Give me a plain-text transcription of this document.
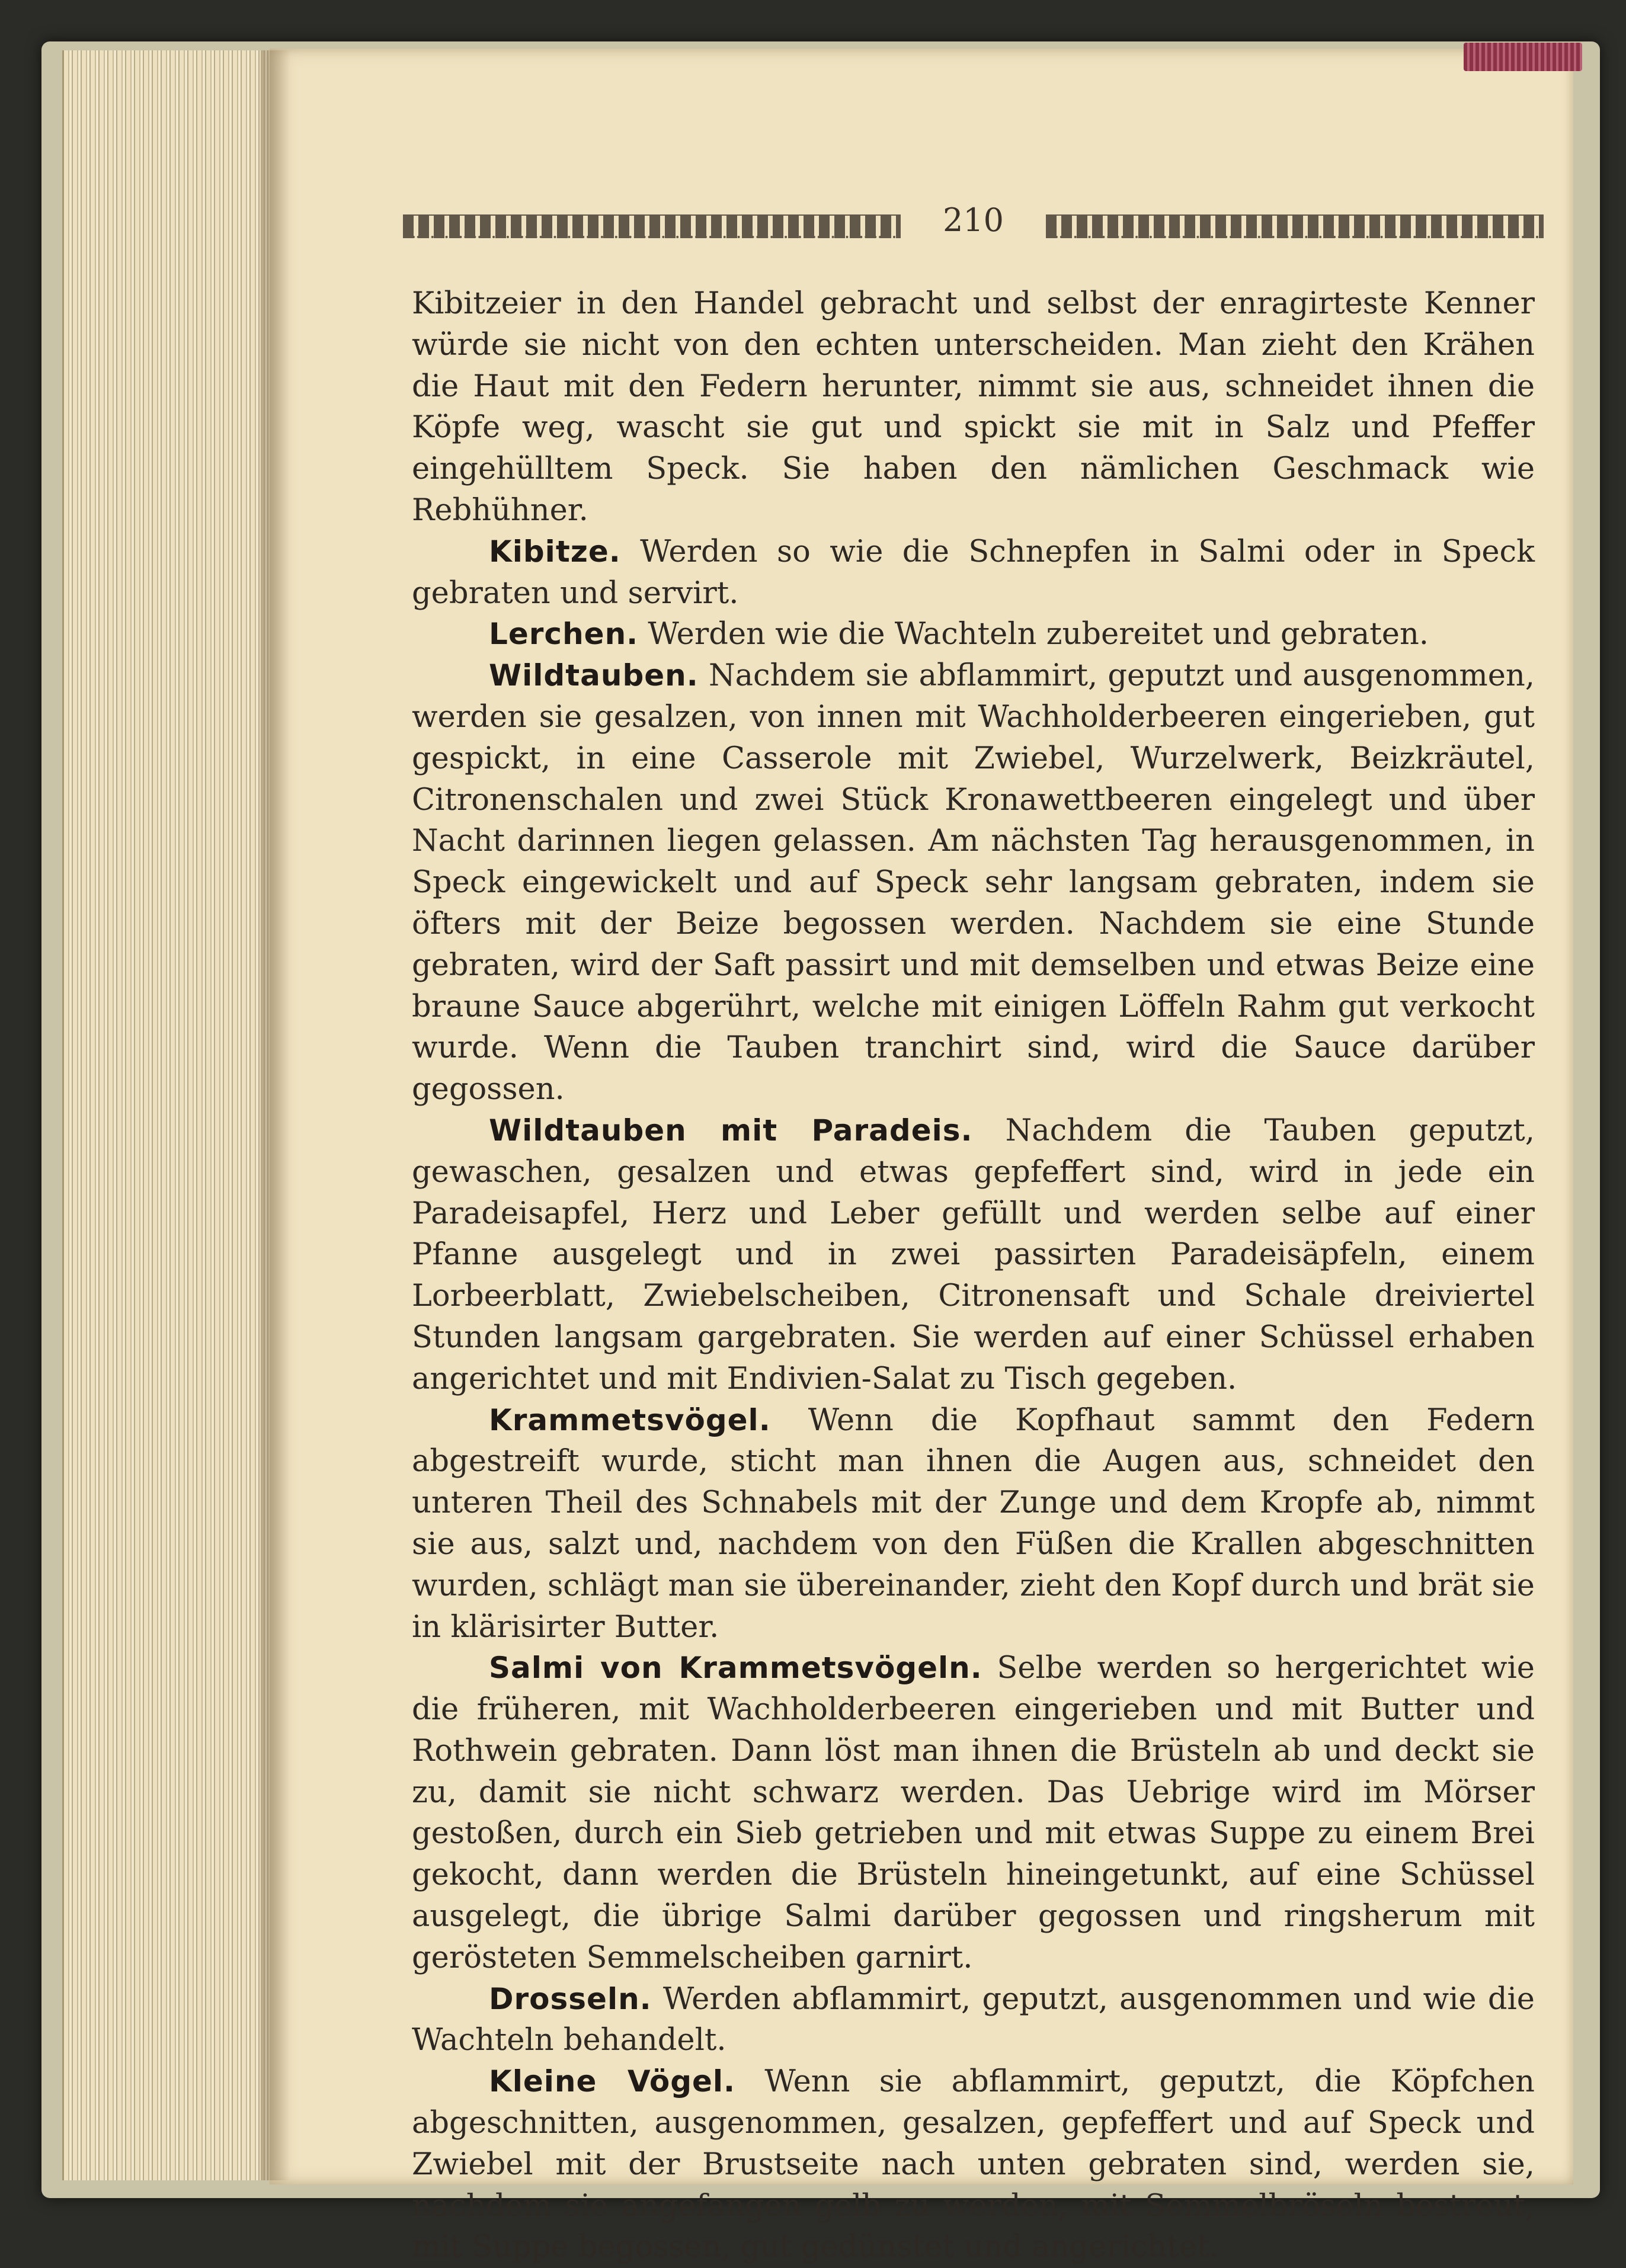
210

Kibitzeier in den Handel gebracht und selbst der enragirteste Kenner würde sie nicht von den echten unterscheiden. Man zieht den Krähen die Haut mit den Federn herunter, nimmt sie aus, schneidet ihnen die Köpfe weg, wascht sie gut und spickt sie mit in Salz und Pfeffer eingehülltem Speck. Sie haben den nämlichen Geschmack wie Rebhühner.

Kibitze. Werden so wie die Schnepfen in Salmi oder in Speck gebraten und servirt.

Lerchen. Werden wie die Wachteln zubereitet und gebraten.

Wildtauben. Nachdem sie abflammirt, geputzt und ausgenommen, werden sie gesalzen, von innen mit Wachholderbeeren eingerieben, gut gespickt, in eine Casserole mit Zwiebel, Wurzelwerk, Beizkräutel, Citronenschalen und zwei Stück Kronawettbeeren eingelegt und über Nacht darinnen liegen gelassen. Am nächsten Tag herausgenommen, in Speck eingewickelt und auf Speck sehr langsam gebraten, indem sie öfters mit der Beize begossen werden. Nachdem sie eine Stunde gebraten, wird der Saft passirt und mit demselben und etwas Beize eine braune Sauce abgerührt, welche mit einigen Löffeln Rahm gut verkocht wurde. Wenn die Tauben tranchirt sind, wird die Sauce darüber gegossen.

Wildtauben mit Paradeis. Nachdem die Tauben geputzt, gewaschen, gesalzen und etwas gepfeffert sind, wird in jede ein Paradeisapfel, Herz und Leber gefüllt und werden selbe auf einer Pfanne ausgelegt und in zwei passirten Paradeisäpfeln, einem Lorbeerblatt, Zwiebelscheiben, Citronensaft und Schale dreiviertel Stunden langsam gargebraten. Sie werden auf einer Schüssel erhaben angerichtet und mit Endivien-Salat zu Tisch gegeben.

Krammetsvögel. Wenn die Kopfhaut sammt den Federn abgestreift wurde, sticht man ihnen die Augen aus, schneidet den unteren Theil des Schnabels mit der Zunge und dem Kropfe ab, nimmt sie aus, salzt und, nachdem von den Füßen die Krallen abgeschnitten wurden, schlägt man sie übereinander, zieht den Kopf durch und brät sie in klärisirter Butter.

Salmi von Krammetsvögeln. Selbe werden so hergerichtet wie die früheren, mit Wachholderbeeren eingerieben und mit Butter und Rothwein gebraten. Dann löst man ihnen die Brüsteln ab und deckt sie zu, damit sie nicht schwarz werden. Das Uebrige wird im Mörser gestoßen, durch ein Sieb getrieben und mit etwas Suppe zu einem Brei gekocht, dann werden die Brüsteln hineingetunkt, auf eine Schüssel ausgelegt, die übrige Salmi darüber gegossen und ringsherum mit gerösteten Semmelscheiben garnirt.

Drosseln. Werden abflammirt, geputzt, ausgenommen und wie die Wachteln behandelt.

Kleine Vögel. Wenn sie abflammirt, geputzt, die Köpfchen abgeschnitten, ausgenommen, gesalzen, gepfeffert und auf Speck und Zwiebel mit der Brustseite nach unten gebraten sind, werden sie, nachdem sie angefangen gelb zu werden, mit Semmelbröseln bestreut, mit Suppe begossen, gut gedünstet und angerichtet.
